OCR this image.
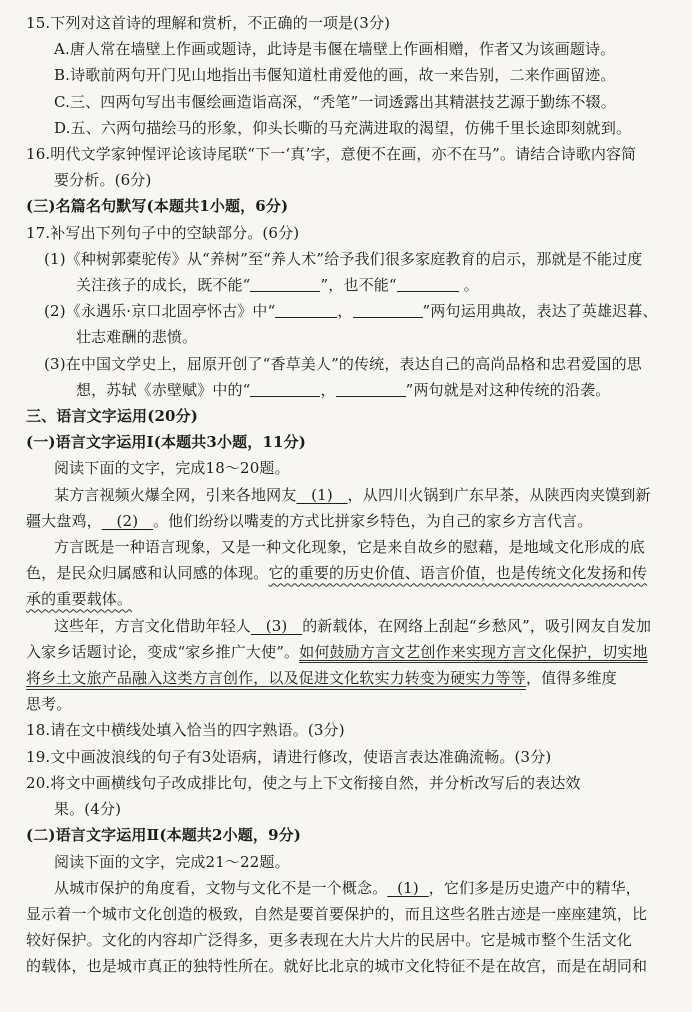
15.下列对这首诗的理解和赏析，不正确的一项是(3分)
A.唐人常在墙壁上作画或题诗，此诗是韦偃在墙壁上作画相赠，作者又为该画题诗。
B.诗歌前两句开门见山地指出韦偃知道杜甫爱他的画，故一来告别，二来作画留迹。
C.三、四两句写出韦偃绘画造诣高深，“秃笔”一词透露出其精湛技艺源于勤练不辍。
D.五、六两句描绘马的形象，仰头长嘶的马充满进取的渴望，仿佛千里长途即刻就到。
16.明代文学家钟惺评论该诗尾联“下一‘真’字，意便不在画，亦不在马”。请结合诗歌内容简
要分析。(6分)
(三)名篇名句默写(本题共1小题，6分)
17.补写出下列句子中的空缺部分。(6分)
(1)《种树郭橐驼传》从“养树”至“养人术”给予我们很多家庭教育的启示，那就是不能过度
关注孩子的成长，既不能“	”，也不能“	。
(2)《永遇乐·京口北固亭怀古》中“	，	”两句运用典故，表达了英雄迟暮、
壮志难酬的悲愤。
(3)在中国文学史上，屈原开创了“香草美人”的传统，表达自己的高尚品格和忠君爱国的思
想，苏轼《赤壁赋》中的“	，	”两句就是对这种传统的沿袭。
三、语言文字运用(20分)
(一)语言文字运用Ⅰ(本题共3小题，11分)
阅读下面的文字，完成18～20题。
某方言视频火爆全网，引来各地网友 (1) ，从四川火锅到广东早茶，从陕西肉夹馍到新
疆大盘鸡， (2) 。他们纷纷以嘴麦的方式比拼家乡特色，为自己的家乡方言代言。
方言既是一种语言现象，又是一种文化现象，它是来自故乡的慰藉，是地域文化形成的底
色，是民众归属感和认同感的体现。它的重要的历史价值、语言价值，也是传统文化发扬和传
承的重要载体。
这些年，方言文化借助年轻人 (3) 的新载体，在网络上刮起“乡愁风”，吸引网友自发加
入家乡话题讨论，变成“家乡推广大使”。如何鼓励方言文艺创作来实现方言文化保护，切实地
将乡土文旅产品融入这类方言创作，以及促进文化软实力转变为硬实力等等，值得多维度
思考。
18.请在文中横线处填入恰当的四字熟语。(3分)
19.文中画波浪线的句子有3处语病，请进行修改，使语言表达准确流畅。(3分)
20.将文中画横线句子改成排比句，使之与上下文衔接自然，并分析改写后的表达效
果。(4分)
(二)语言文字运用Ⅱ(本题共2小题，9分)
阅读下面的文字，完成21～22题。
从城市保护的角度看，文物与文化不是一个概念。 (1) ，它们多是历史遗产中的精华，
显示着一个城市文化创造的极致，自然是要首要保护的，而且这些名胜古迹是一座座建筑，比
较好保护。文化的内容却广泛得多，更多表现在大片大片的民居中。它是城市整个生活文化
的载体，也是城市真正的独特性所在。就好比北京的城市文化特征不是在故宫，而是在胡同和
